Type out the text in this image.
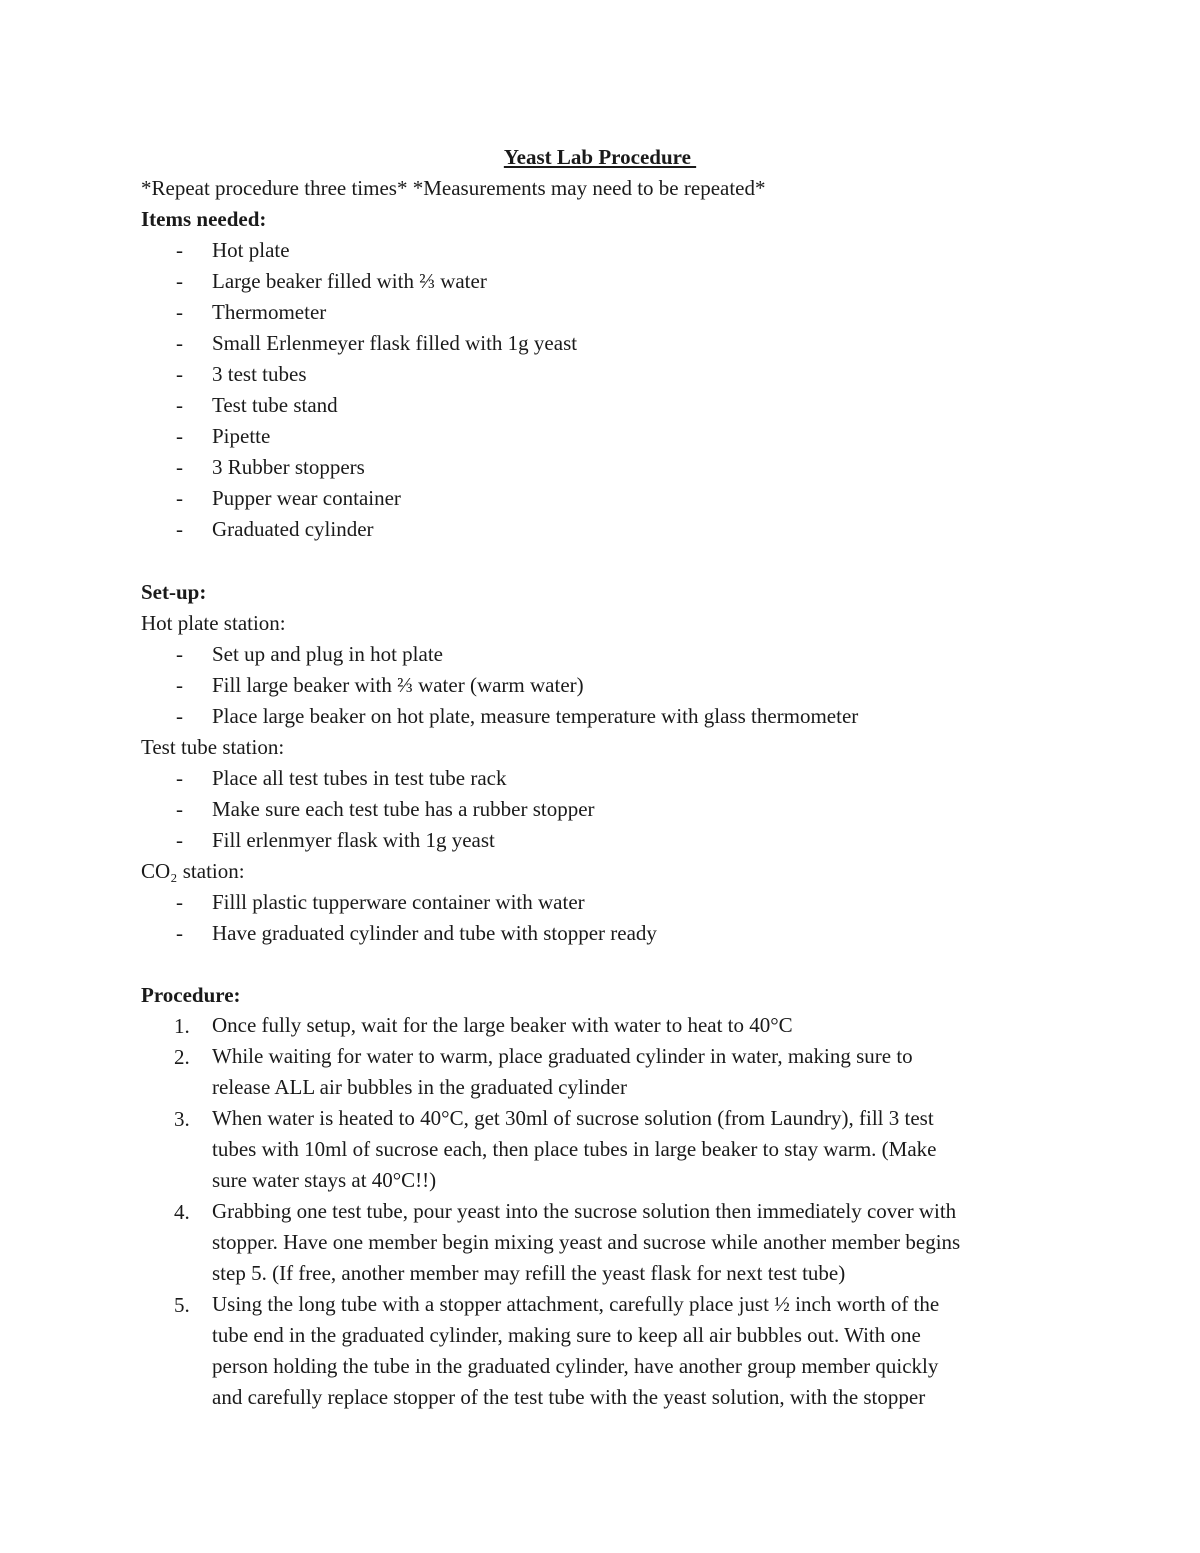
Yeast Lab Procedure
*Repeat procedure three times* *Measurements may need to be repeated*
Items needed:
- Hot plate
- Large beaker filled with ⅔ water
- Thermometer
- Small Erlenmeyer flask filled with 1g yeast
- 3 test tubes
- Test tube stand
- Pipette
- 3 Rubber stoppers
- Pupper wear container
- Graduated cylinder
Set-up:
Hot plate station:
- Set up and plug in hot plate
- Fill large beaker with ⅔ water (warm water)
- Place large beaker on hot plate, measure temperature with glass thermometer
Test tube station:
- Place all test tubes in test tube rack
- Make sure each test tube has a rubber stopper
- Fill erlenmyer flask with 1g yeast
CO₂ station:
- Filll plastic tupperware container with water
- Have graduated cylinder and tube with stopper ready
Procedure:
1. Once fully setup, wait for the large beaker with water to heat to 40°C
2. While waiting for water to warm, place graduated cylinder in water, making sure to
release ALL air bubbles in the graduated cylinder
3. When water is heated to 40°C, get 30ml of sucrose solution (from Laundry), fill 3 test
tubes with 10ml of sucrose each, then place tubes in large beaker to stay warm. (Make
sure water stays at 40°C!!)
4. Grabbing one test tube, pour yeast into the sucrose solution then immediately cover with
stopper. Have one member begin mixing yeast and sucrose while another member begins
step 5. (If free, another member may refill the yeast flask for next test tube)
5. Using the long tube with a stopper attachment, carefully place just ½ inch worth of the
tube end in the graduated cylinder, making sure to keep all air bubbles out. With one
person holding the tube in the graduated cylinder, have another group member quickly
and carefully replace stopper of the test tube with the yeast solution, with the stopper
